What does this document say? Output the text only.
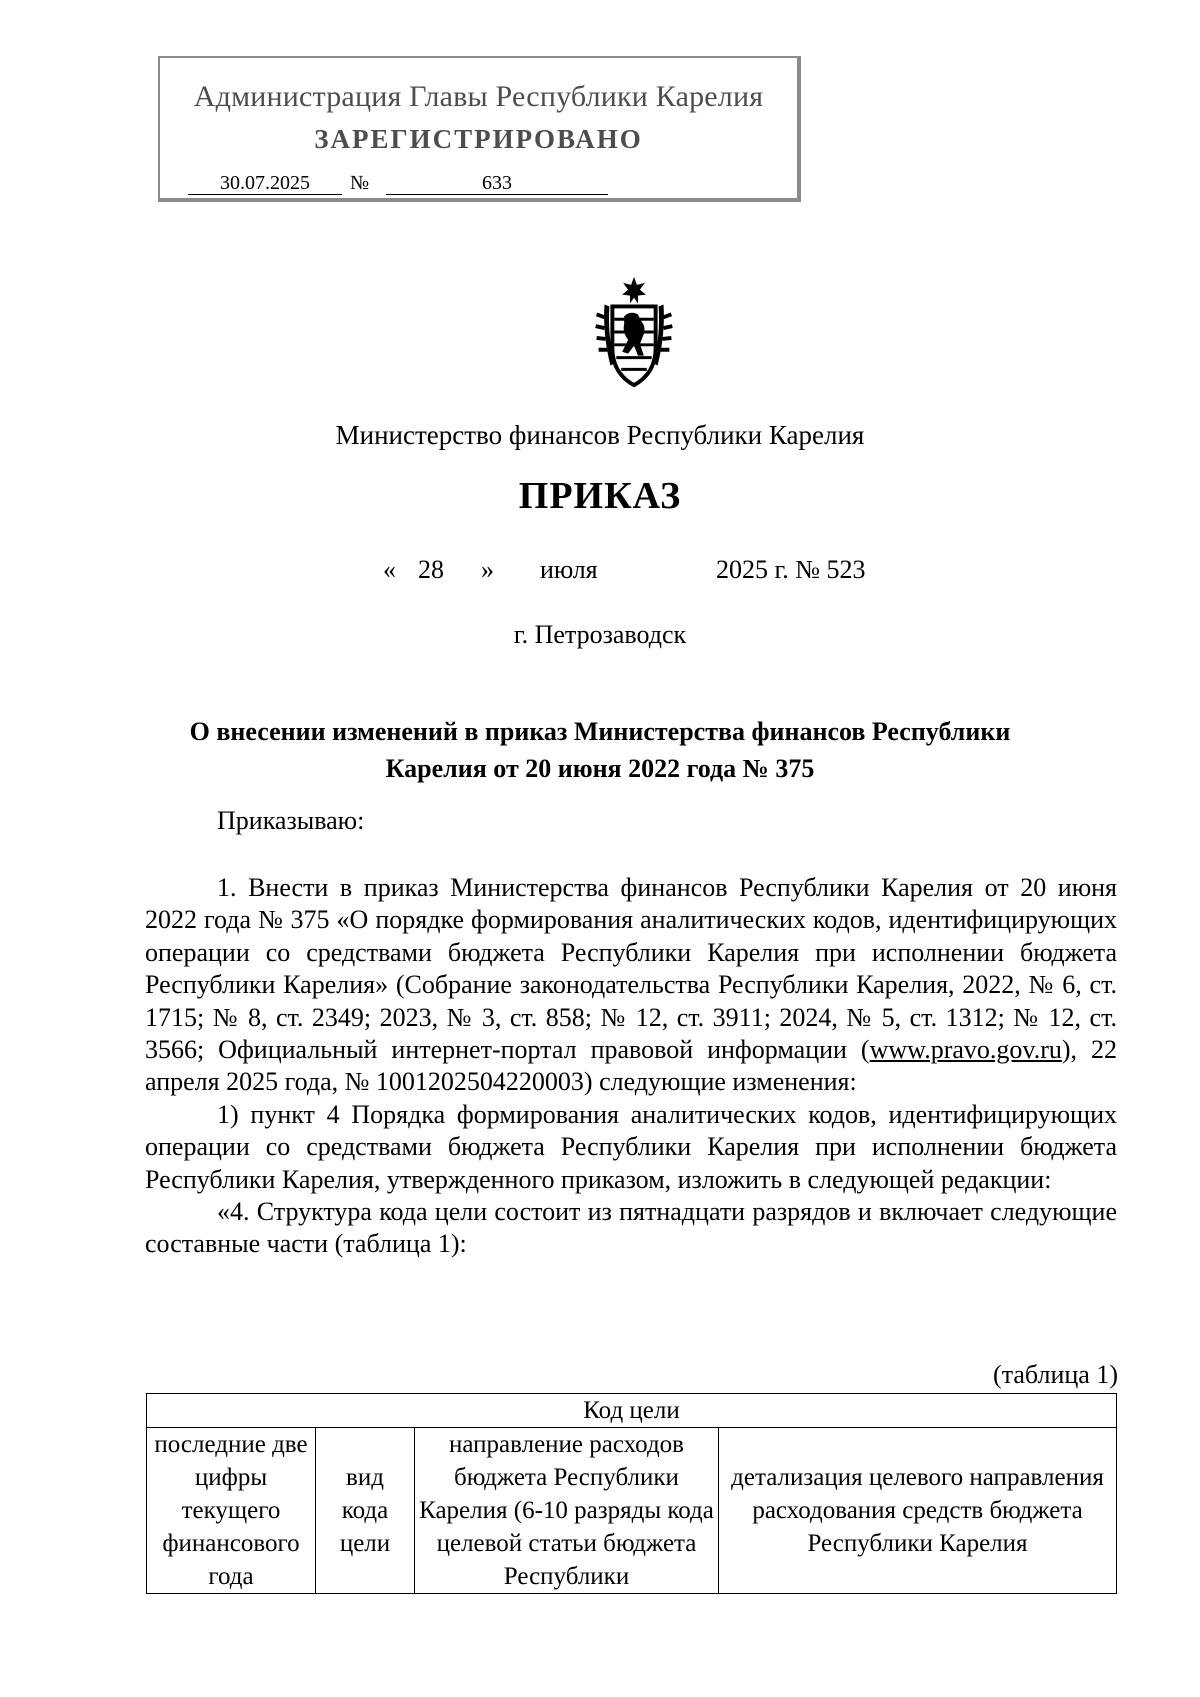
Администрация Главы Республики Карелия
ЗАРЕГИСТРИРОВАНО
30.07.2025	№	633
Министерство финансов Республики Карелия
ПРИКАЗ
« 28 » июля	2025 г. № 523
г. Петрозаводск
О внесении изменений в приказ Министерства финансов Республики
Карелия от 20 июня 2022 года № 375
Приказываю:

1. Внести в приказ Министерства финансов Республики Карелия от 20 июня 2022 года № 375 «О порядке формирования аналитических кодов, идентифицирующих операции со средствами бюджета Республики Карелия при исполнении бюджета Республики Карелия» (Собрание законодательства Республики Карелия, 2022, № 6, ст. 1715; № 8, ст. 2349; 2023, № 3, ст. 858; № 12, ст. 3911; 2024, № 5, ст. 1312; № 12, ст. 3566; Официальный интернет-портал правовой информации (www.pravo.gov.ru), 22 апреля 2025 года, № 1001202504220003) следующие изменения:

1) пункт 4 Порядка формирования аналитических кодов, идентифицирующих операции со средствами бюджета Республики Карелия при исполнении бюджета Республики Карелия, утвержденного приказом, изложить в следующей редакции:

«4. Структура кода цели состоит из пятнадцати разрядов и включает следующие составные части (таблица 1):

(таблица 1)
Код цели
последние две цифры текущего финансового года	вид кода цели	направление расходов бюджета Республики Карелия (6-10 разряды кода целевой статьи бюджета Республики	детализация целевого направления расходования средств бюджета Республики Карелия
